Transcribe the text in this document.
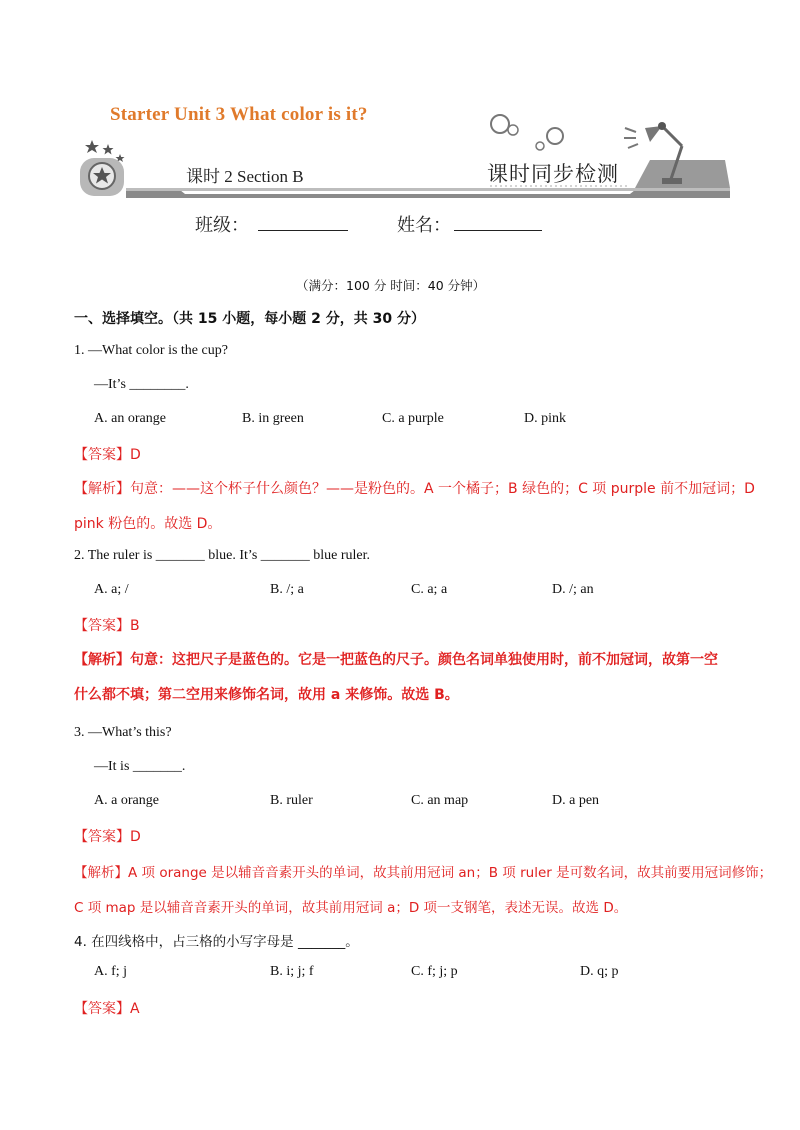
Starter Unit 3 What color is it?
课时 2 Section B	课时同步检测
班级：	姓名：
（满分：100 分 时间：40 分钟）
一、选择填空。（共 15 小题，每小题 2 分，共 30 分）
1. —What color is the cup?
—It’s ________.
A. an orange	B. in green	C. a purple	D. pink
【答案】D
【解析】句意：——这个杯子什么颜色？——是粉色的。A 一个橘子；B 绿色的；C 项 purple 前不加冠词；D
pink 粉色的。故选 D。
2. The ruler is _______ blue. It’s _______ blue ruler.
A. a; /	B. /; a	C. a; a	D. /; an
【答案】B
【解析】句意：这把尺子是蓝色的。它是一把蓝色的尺子。颜色名词单独使用时，前不加冠词，故第一空
什么都不填；第二空用来修饰名词，故用 a 来修饰。故选 B。
3. —What’s this?
—It is _______.
A. a orange	B. ruler	C. an map	D. a pen
【答案】D
【解析】A 项 orange 是以辅音音素开头的单词，故其前用冠词 an；B 项 ruler 是可数名词，故其前要用冠词修饰；
C 项 map 是以辅音音素开头的单词，故其前用冠词 a；D 项一支钢笔，表述无误。故选 D。
4. 在四线格中，占三格的小写字母是 _______。
A. f; j	B. i; j; f	C. f; j; p	D. q; p
【答案】A
